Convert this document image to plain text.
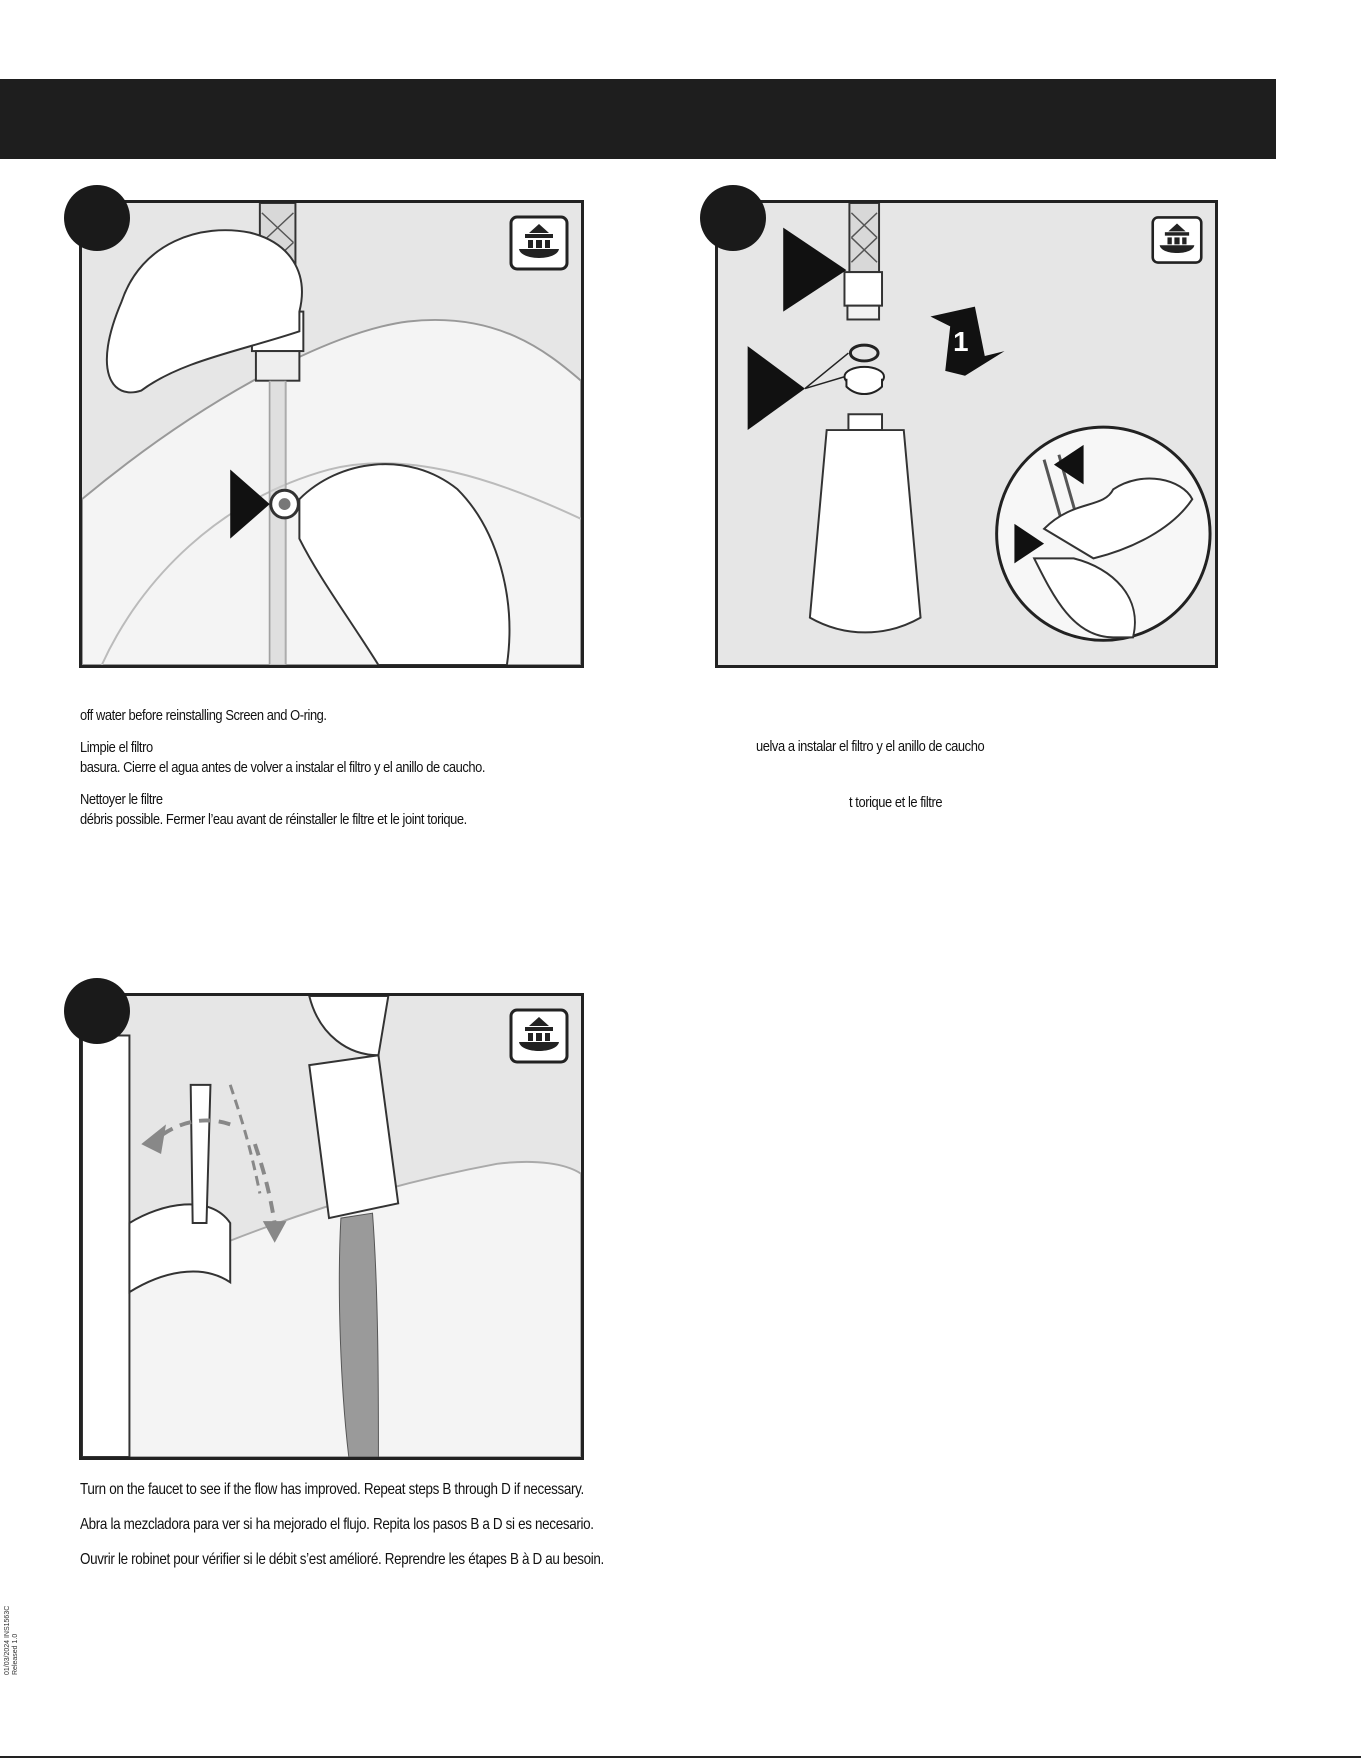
1
off water before reinstalling Screen and O-ring.
Limpie el filtro
basura. Cierre el agua antes de volver a instalar el filtro y el anillo de caucho.
Nettoyer le filtre
débris possible. Fermer l’eau avant de réinstaller le filtre et le joint torique.
uelva a instalar el filtro y el anillo de caucho
t torique et le filtre
Turn on the faucet to see if the flow has improved. Repeat steps B through D if necessary.
Abra la mezcladora para ver si ha mejorado el flujo. Repita los pasos B a D si es necesario.
Ouvrir le robinet pour vérifier si le débit s’est amélioré. Reprendre les étapes B à D au besoin.
01/03/2024 INS1563C Released 1.0
